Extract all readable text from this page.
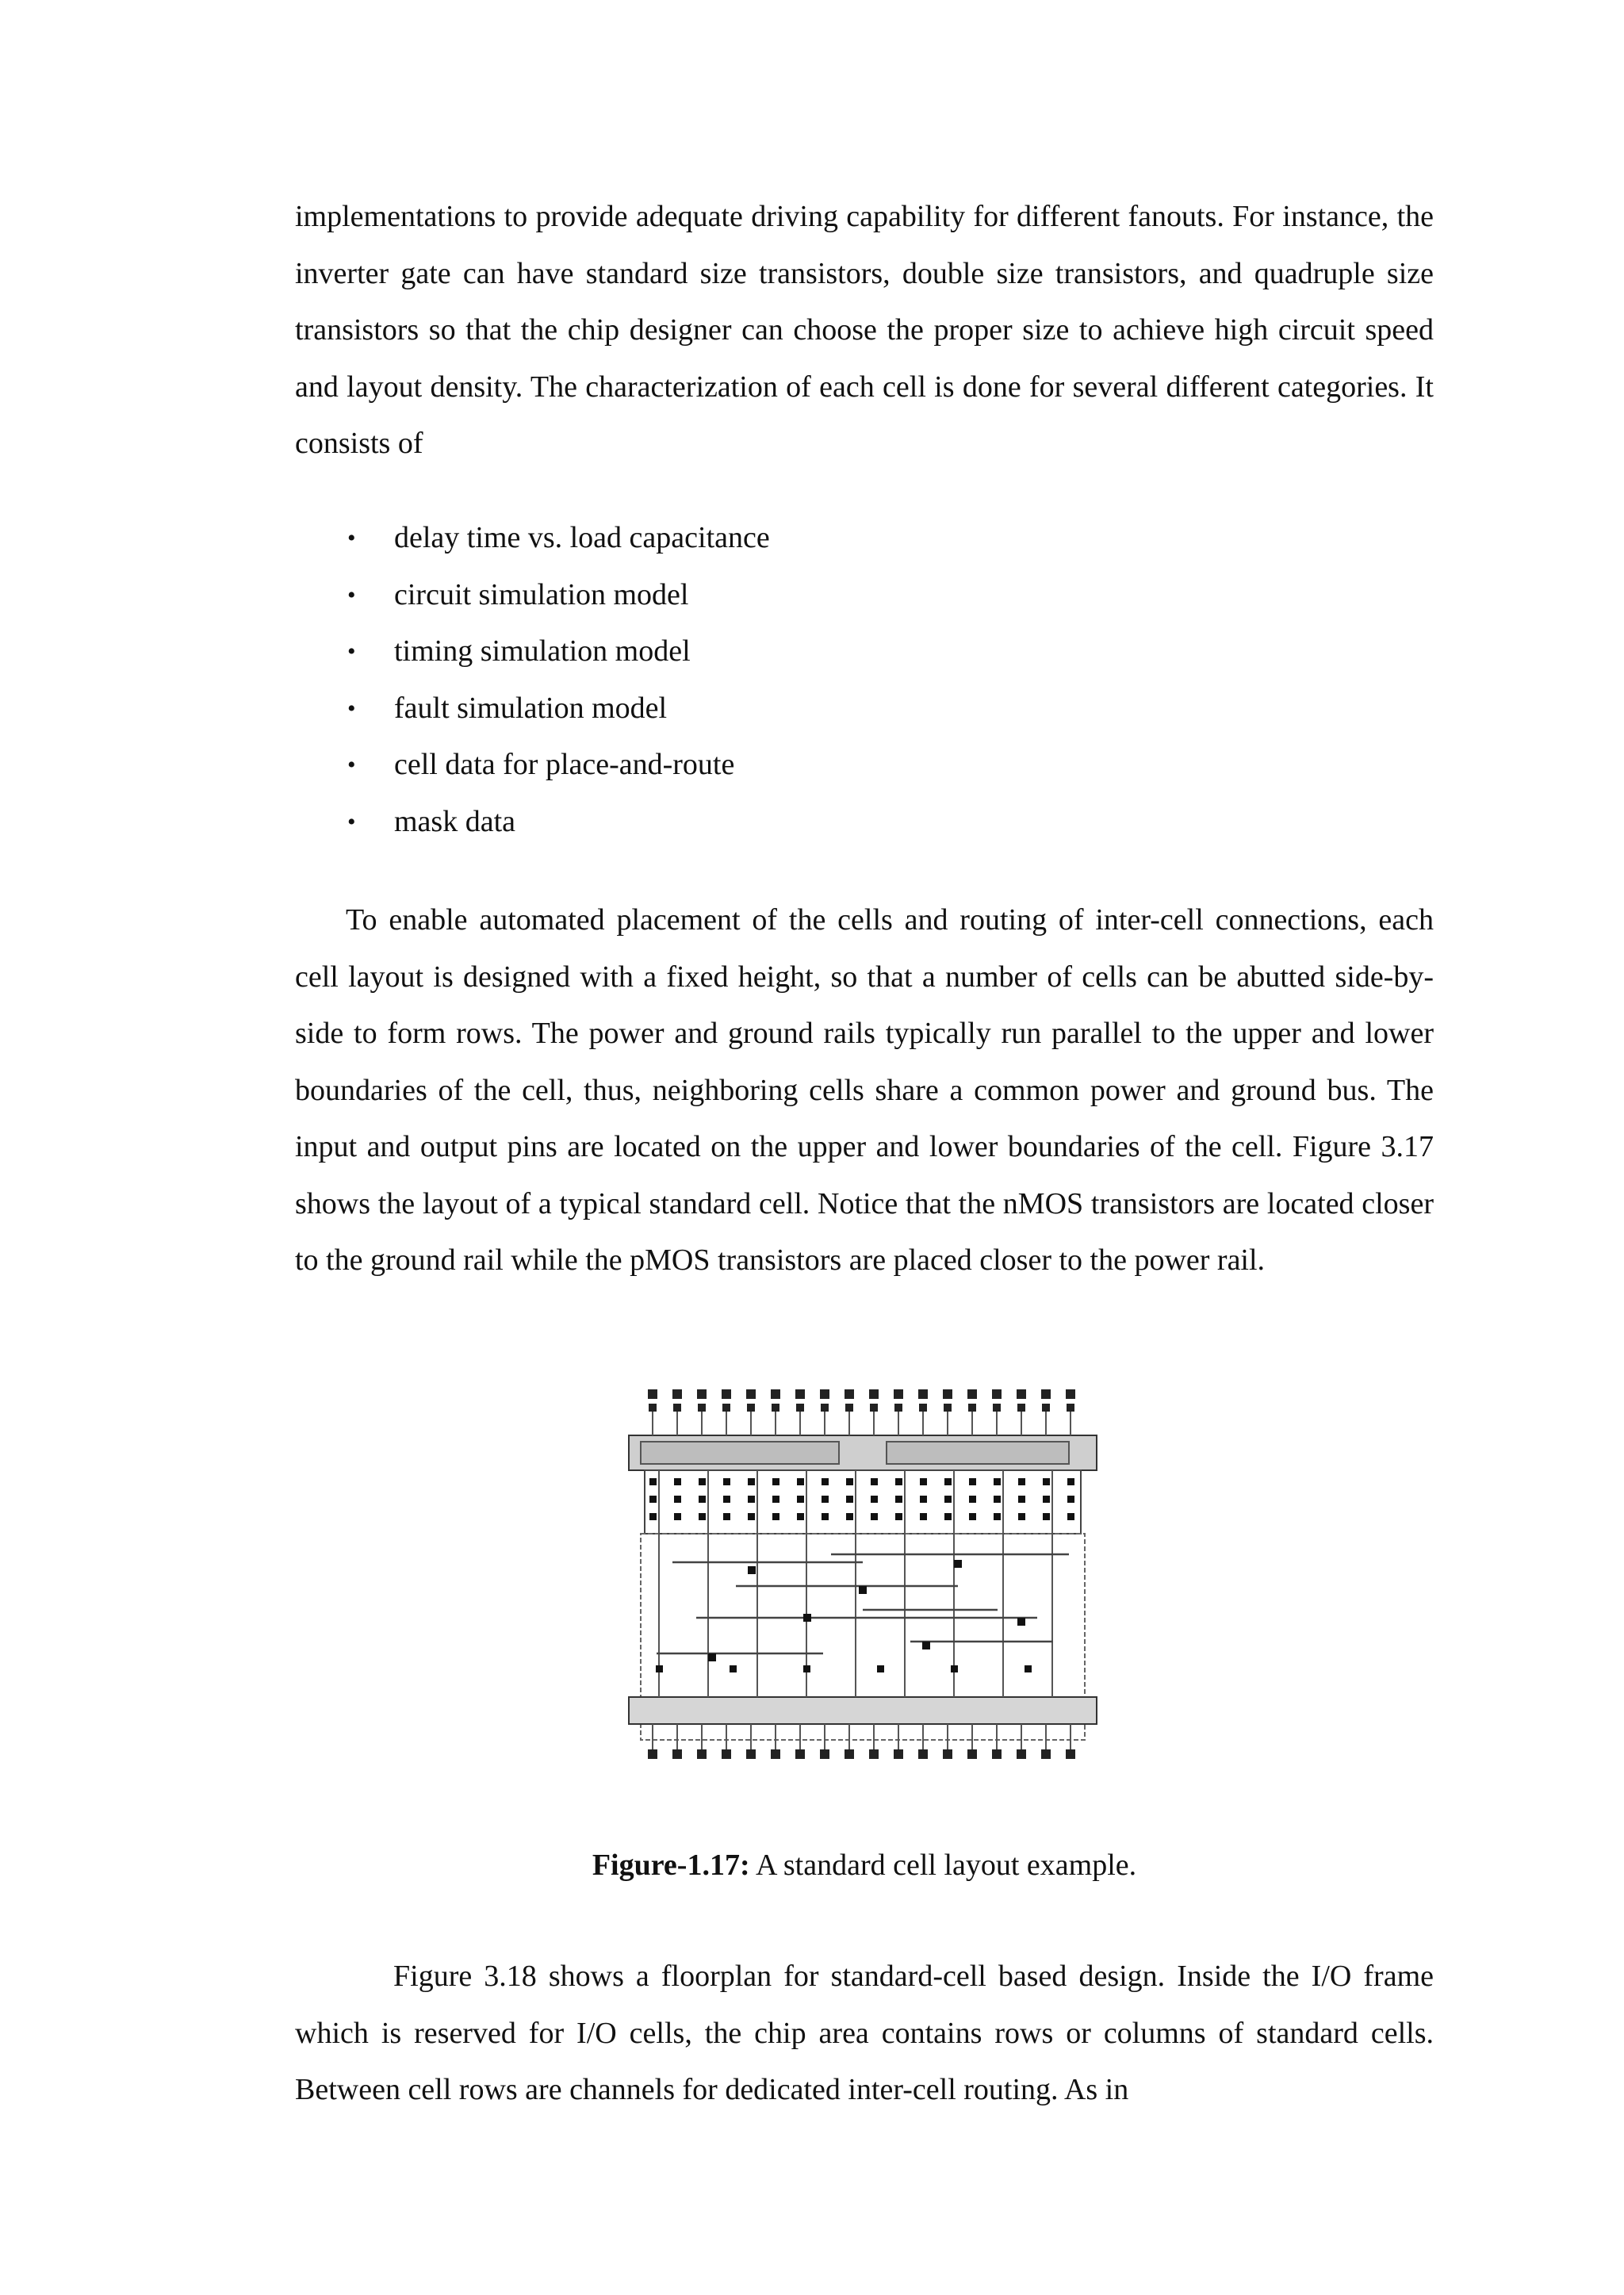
implementations to provide adequate driving capability for different fanouts. For instance, the inverter gate can have standard size transistors, double size transistors, and quadruple size transistors so that the chip designer can choose the proper size to achieve high circuit speed and layout density. The characterization of each cell is done for several different categories. It consists of

• delay time vs. load capacitance
• circuit simulation model
• timing simulation model
• fault simulation model
• cell data for place-and-route
• mask data

To enable automated placement of the cells and routing of inter-cell connections, each cell layout is designed with a fixed height, so that a number of cells can be abutted side-by-side to form rows. The power and ground rails typically run parallel to the upper and lower boundaries of the cell, thus, neighboring cells share a common power and ground bus. The input and output pins are located on the upper and lower boundaries of the cell. Figure 3.17 shows the layout of a typical standard cell. Notice that the nMOS transistors are located closer to the ground rail while the pMOS transistors are placed closer to the power rail.

Figure-1.17: A standard cell layout example.

Figure 3.18 shows a floorplan for standard-cell based design. Inside the I/O frame which is reserved for I/O cells, the chip area contains rows or columns of standard cells. Between cell rows are channels for dedicated inter-cell routing. As in
